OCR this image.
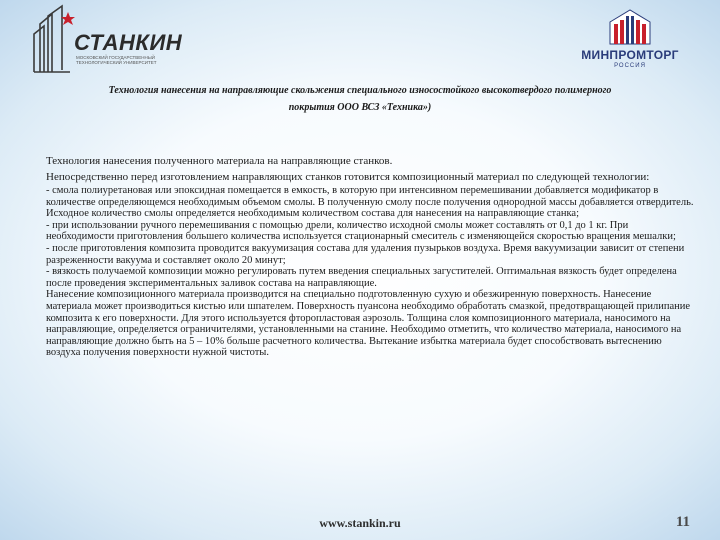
СТАНКИН
МОСКОВСКИЙ ГОСУДАРСТВЕННЫЙ ТЕХНОЛОГИЧЕСКИЙ УНИВЕРСИТЕТ
МИНПРОМТОРГ
РОССИЯ
Технология нанесения на направляющие скольжения специального износостойкого высокотвердого полимерного
покрытия ООО ВСЗ «Техника»)

Технология нанесения полученного материала на направляющие станков.

Непосредственно перед изготовлением направляющих станков готовится композиционный материал по следующей технологии:

- смола полиуретановая или эпоксидная помещается в емкость, в которую при интенсивном перемешивании добавляется модификатор в количестве определяющемся необходимым объемом смолы. В полученную смолу после получения однородной массы добавляется отвердитель. Исходное количество смолы определяется необходимым количеством состава для нанесения на направляющие станка;

- при использовании ручного перемешивания с помощью дрели, количество исходной смолы может составлять от 0,1 до 1 кг. При необходимости приготовления большего количества используется стационарный смеситель с изменяющейся скоростью вращения мешалки;

- после приготовления композита проводится вакуумизация состава для удаления пузырьков воздуха. Время вакуумизации зависит от степени разреженности вакуума и составляет около 20 минут;

- вязкость получаемой композиции можно регулировать путем введения специальных загустителей. Оптимальная вязкость будет определена после проведения экспериментальных заливок состава на направляющие.

Нанесение композиционного материала производится на специально подготовленную сухую и обезжиренную поверхность. Нанесение материала может производиться кистью или шпателем. Поверхность пуансона необходимо обработать смазкой, предотвращающей прилипание композита к его поверхности. Для этого используется фторопластовая аэрозоль. Толщина слоя композиционного материала, наносимого на направляющие, определяется ограничителями, установленными на станине. Необходимо отметить, что количество материала, наносимого на направляющие должно быть на 5 – 10% больше расчетного количества. Вытекание избытка материала будет способствовать вытеснению воздуха получения поверхности нужной чистоты.

www.stankin.ru	11
